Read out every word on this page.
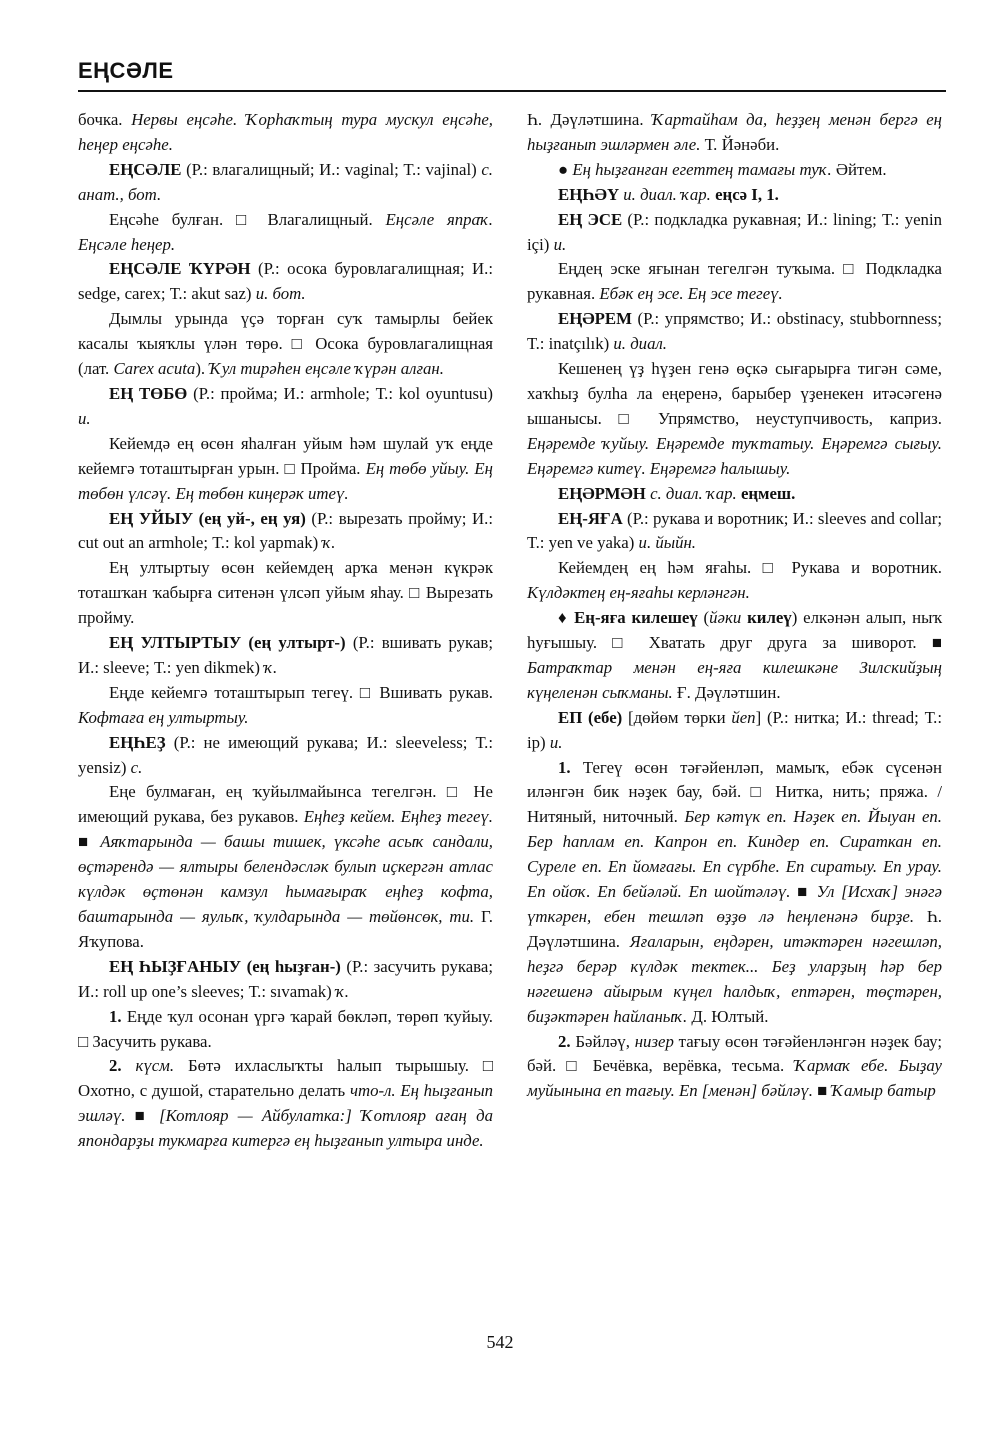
ЕҢСӘЛЕ

бочка. Нервы еңсәһе. Ҡорһаҡтың тура мускул еңсәһе, һеңер еңсәһе.

ЕҢСӘЛЕ (Р.: влагалищный; И.: vaginal; Т.: vajinal) с. анат., бот.

Еңсәһе булған. □ Влагалищный. Еңсәле япраҡ. Еңсәле һеңер.

ЕҢСӘЛЕ ҠҮРӘН (Р.: осока буровлагалищная; И.: sedge, carex; Т.: akut saz) и. бот.

Дымлы урында үҫә торған суҡ тамырлы бейек касалы ҡыяҡлы үлән төрө. □ Осока буровлагалищная (лат. Carex acuta). Ҡул тирәһен еңсәле ҡүрән алған.

ЕҢ ТӨБӨ (Р.: пройма; И.: armhole; Т.: kol oyuntusu) и.

Кейемдә ең өсөн яһалған уйым һәм шулай уҡ еңде кейемгә тоташтырған урын. □ Пройма. Ең төбө уйыу. Ең төбөн үлсәү. Ең төбөн киңерәк итеү.

ЕҢ УЙЫУ (ең уй-, ең уя) (Р.: вырезать пройму; И.: cut out an armhole; Т.: kol yapmak) ҡ.

Ең ултыртыу өсөн кейемдең арҡа менән күкрәк тоташҡан ҡабырға ситенән үлсәп уйым яһау. □ Вырезать пройму.

ЕҢ УЛТЫРТЫУ (ең ултырт-) (Р.: вшивать рукав; И.: sleeve; Т.: yen dikmek) ҡ.

Еңде кейемгә тоташтырып тегеү. □ Вшивать рукав. Кофтаға ең ултыртыу.

ЕҢҺЕҘ (Р.: не имеющий рукава; И.: sleeveless; Т.: yensiz) с.

Еңе булмаған, ең ҡуйылмайынса тегелгән. □ Не имеющий рукава, без рукавов. Еңһеҙ кейем. Еңһеҙ тегеү. ■ Аяҡтарында — башы тишек, үксәһе асыҡ сандали, өҫтәрендә — ялтыры белендәсләк булып иҫкергән атлас күлдәк өҫтөнән камзул һымағыраҡ еңһеҙ кофта, баштарында — яулыҡ, ҡулдарында — төйөнсөк, ти. Г. Яҡупова.

ЕҢ ҺЫҘҒАНЫУ (ең һыҙған-) (Р.: засучить рукава; И.: roll up one’s sleeves; Т.: sıvamak) ҡ.

1. Еңде ҡул осонан үргә ҡарай бөкләп, төрөп ҡуйыу. □ Засучить рукава.

2. күсм. Бөтә ихласлыҡты һалып тырышыу. □ Охотно, с душой, старательно делать что-л. Ең һыҙғанып эшләү. ■ [Котлояр — Айбулатка:] Ҡотлояр ағаң да япондарҙы тукмарға китергә ең һыҙғанып ултыра инде.

Һ. Дәүләтшина. Ҡартайһам да, һеҙҙең менән бергә ең һыҙғанып эшләрмен әле. Т. Йәнәби.

● Ең һыҙғанған егеттең тамағы туҡ. Әйтем.

ЕҢҺӘҮ и. диал. ҡар. еңсә I, 1.

ЕҢ ЭСЕ (Р.: подкладка рукавная; И.: lining; Т.: yenin içi) и.

Еңдең эске яғынан тегелгән туҡыма. □ Подкладка рукавная. Ебәк ең эсе. Ең эсе тегеү.

ЕҢӘРЕМ (Р.: упрямство; И.: obstinacy, stubbornness; Т.: inatçılık) и. диал.

Кешенең үҙ һүҙен генә өҫкә сығарырға тигән сәме, хаҡһыҙ булһа ла еңеренә, барыбер үҙенекен итәсәгенә ышанысы. □ Упрямство, неуступчивость, каприз. Еңәремде ҡуйыу. Еңәремде туҡтатыу. Еңәремгә сығыу. Еңәремгә китеү. Еңәремгә һалышыу.

ЕҢӘРМӘН с. диал. ҡар. еңмеш.

ЕҢ-ЯҒА (Р.: рукава и воротник; И.: sleeves and collar; Т.: yen ve yaka) и. йыйн.

Кейемдең ең һәм яғаһы. □ Рукава и воротник. Күлдәктең ең-яғаһы керләнгән.

♦ Ең-яға килешеү (йәки килеү) елкәнән алып, ныҡ һуғышыу. □ Хватать друг друга за шиворот. ■ Батраҡтар менән ең-яға килешкәне Зилскийҙың күңеленән сыҡманы. Ғ. Дәүләтшин.

ЕП (ебе) [дөйөм төрки йеп] (Р.: нитка; И.: thread; Т.: ip) и.

1. Тегеү өсөн тәғәйенләп, мамыҡ, ебәк сүсенән иләнгән бик нәҙек бау, бәй. □ Нитка, нить; пряжа. / Нитяный, ниточный. Бер кәтүк еп. Нәҙек еп. Йыуан еп. Бер һаплам еп. Капрон еп. Киндер еп. Сираткан еп. Суреле еп. Еп йомғағы. Еп сүрбһе. Еп сиратыу. Еп урау. Еп ойоҡ. Еп бейәләй. Еп шойтәләү. ■ Ул [Исхаҡ] энәгә үткәрен, ебен тешләп өҙҙө лә һеңленәнә бирҙе. Һ. Дәүләтшина. Яғаларын, еңдәрен, итәктәрен нәгешләп, һеҙгә берәр күлдәк тектек... Беҙ уларҙың һәр бер нәгешенә айырым күңел һалдыҡ, ептәрен, төҫтәрен, биҙәктәрен һайланыҡ. Д. Юлтый.

2. Бәйләү, низер тағыу өсөн тәғәйенләнгән нәҙек бау; бәй. □ Бечёвка, верёвка, тесьма. Ҡармаҡ ебе. Быҙау муйынына еп тағыу. Еп [менән] бәйләү. ■ Ҡамыр батыр

542
